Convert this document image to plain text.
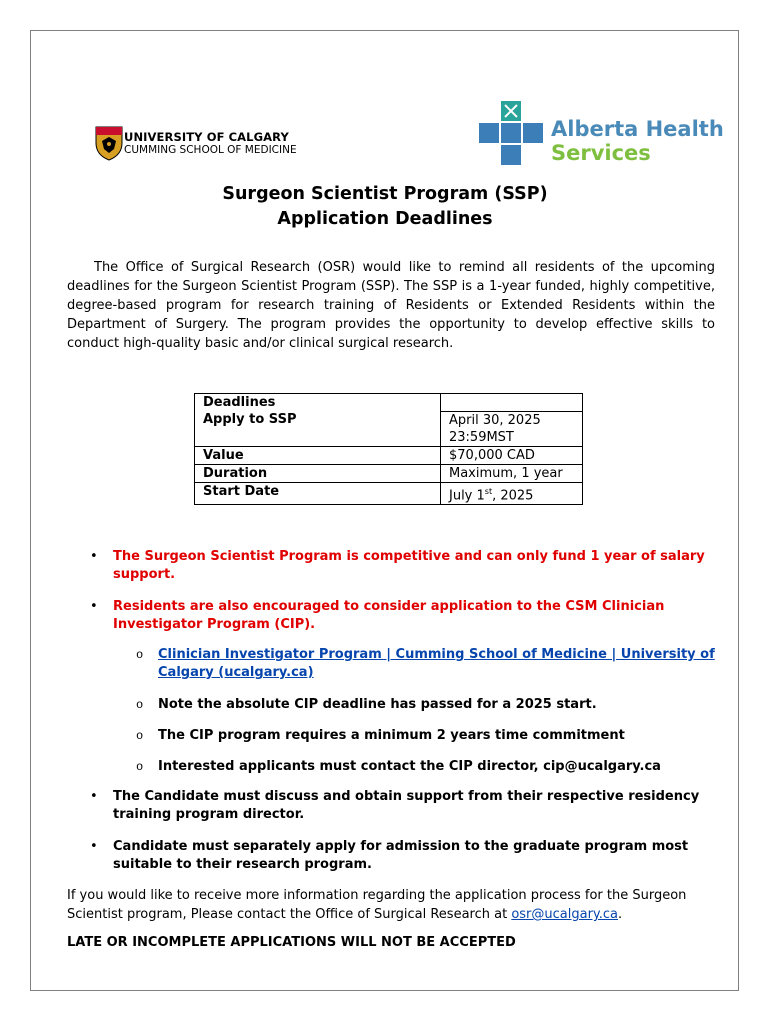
UNIVERSITY OF CALGARY
CUMMING SCHOOL OF MEDICINE
Alberta Health
Services
Surgeon Scientist Program (SSP)
Application Deadlines
The Office of Surgical Research (OSR) would like to remind all residents of the upcoming deadlines for the Surgeon Scientist Program (SSP). The SSP is a 1-year funded, highly competitive, degree-based program for research training of Residents or Extended Residents within the Department of Surgery. The program provides the opportunity to develop effective skills to conduct high-quality basic and/or clinical surgical research.
Deadlines	
Apply to SSP	April 30, 2025
23:59MST

Value	$70,000 CAD
Duration	Maximum, 1 year
Start Date	July 1st, 2025
• The Surgeon Scientist Program is competitive and can only fund 1 year of salary support.
• Residents are also encouraged to consider application to the CSM Clinician Investigator Program (CIP).
o Clinician Investigator Program | Cumming School of Medicine | University of Calgary (ucalgary.ca)
o Note the absolute CIP deadline has passed for a 2025 start.
o The CIP program requires a minimum 2 years time commitment
o Interested applicants must contact the CIP director, cip@ucalgary.ca
• The Candidate must discuss and obtain support from their respective residency training program director.
• Candidate must separately apply for admission to the graduate program most suitable to their research program.
If you would like to receive more information regarding the application process for the Surgeon Scientist program, Please contact the Office of Surgical Research at osr@ucalgary.ca.
LATE OR INCOMPLETE APPLICATIONS WILL NOT BE ACCEPTED
